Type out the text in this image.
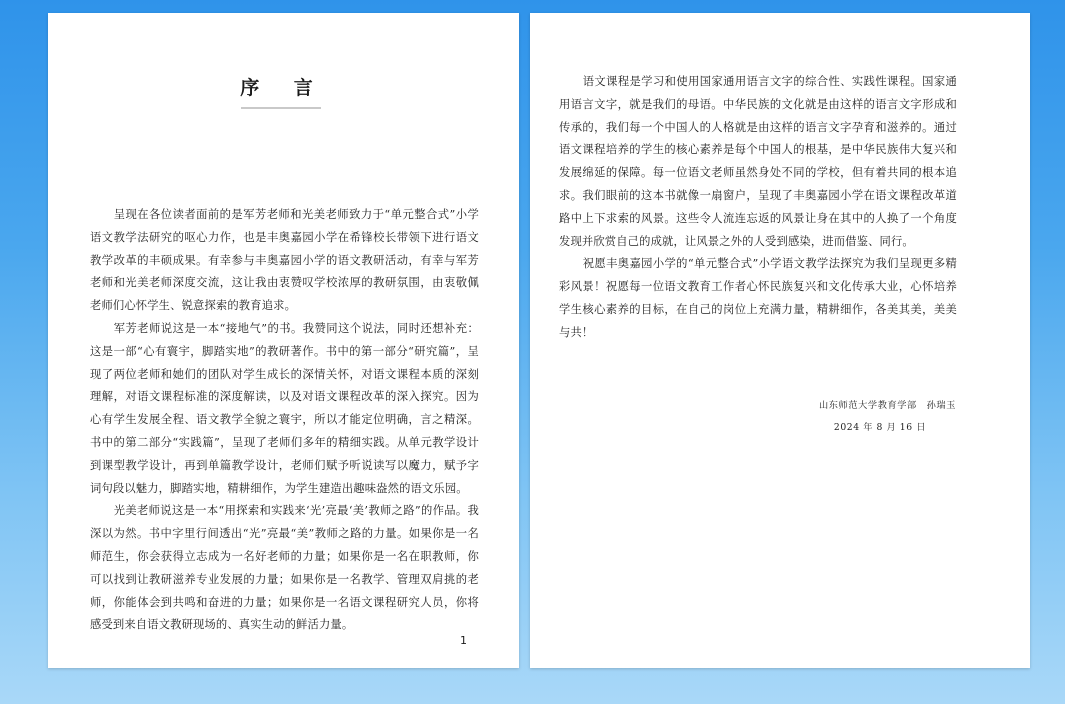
序 言

呈现在各位读者面前的是军芳老师和光美老师致力于“单元整合式”小学语文教学法研究的呕心力作，也是丰奥嘉园小学在希锋校长带领下进行语文教学改革的丰硕成果。有幸参与丰奥嘉园小学的语文教研活动，有幸与军芳老师和光美老师深度交流，这让我由衷赞叹学校浓厚的教研氛围，由衷敬佩老师们心怀学生、锐意探索的教育追求。

军芳老师说这是一本“接地气”的书。我赞同这个说法，同时还想补充：这是一部“心有寰宇，脚踏实地”的教研著作。书中的第一部分“研究篇”，呈现了两位老师和她们的团队对学生成长的深情关怀，对语文课程本质的深刻理解，对语文课程标准的深度解读，以及对语文课程改革的深入探究。因为心有学生发展全程、语文教学全貌之寰宇，所以才能定位明确，言之精深。书中的第二部分“实践篇”，呈现了老师们多年的精细实践。从单元教学设计到课型教学设计，再到单篇教学设计，老师们赋予听说读写以魔力，赋予字词句段以魅力，脚踏实地，精耕细作，为学生建造出趣味盎然的语文乐园。

光美老师说这是一本“用探索和实践来‘光’亮最‘美’教师之路”的作品。我深以为然。书中字里行间透出“光”亮最“美”教师之路的力量。如果你是一名师范生，你会获得立志成为一名好老师的力量；如果你是一名在职教师，你可以找到让教研滋养专业发展的力量；如果你是一名教学、管理双肩挑的老师，你能体会到共鸣和奋进的力量；如果你是一名语文课程研究人员，你将感受到来自语文教研现场的、真实生动的鲜活力量。

1

语文课程是学习和使用国家通用语言文字的综合性、实践性课程。国家通用语言文字，就是我们的母语。中华民族的文化就是由这样的语言文字形成和传承的，我们每一个中国人的人格就是由这样的语言文字孕育和滋养的。通过语文课程培养的学生的核心素养是每个中国人的根基，是中华民族伟大复兴和发展绵延的保障。每一位语文老师虽然身处不同的学校，但有着共同的根本追求。我们眼前的这本书就像一扇窗户，呈现了丰奥嘉园小学在语文课程改革道路中上下求索的风景。这些令人流连忘返的风景让身在其中的人换了一个角度发现并欣赏自己的成就，让风景之外的人受到感染，进而借鉴、同行。

祝愿丰奥嘉园小学的“单元整合式”小学语文教学法探究为我们呈现更多精彩风景！祝愿每一位语文教育工作者心怀民族复兴和文化传承大业，心怀培养学生核心素养的目标，在自己的岗位上充满力量，精耕细作，各美其美，美美与共！

山东师范大学教育学部　孙瑞玉
2024 年 8 月 16 日
